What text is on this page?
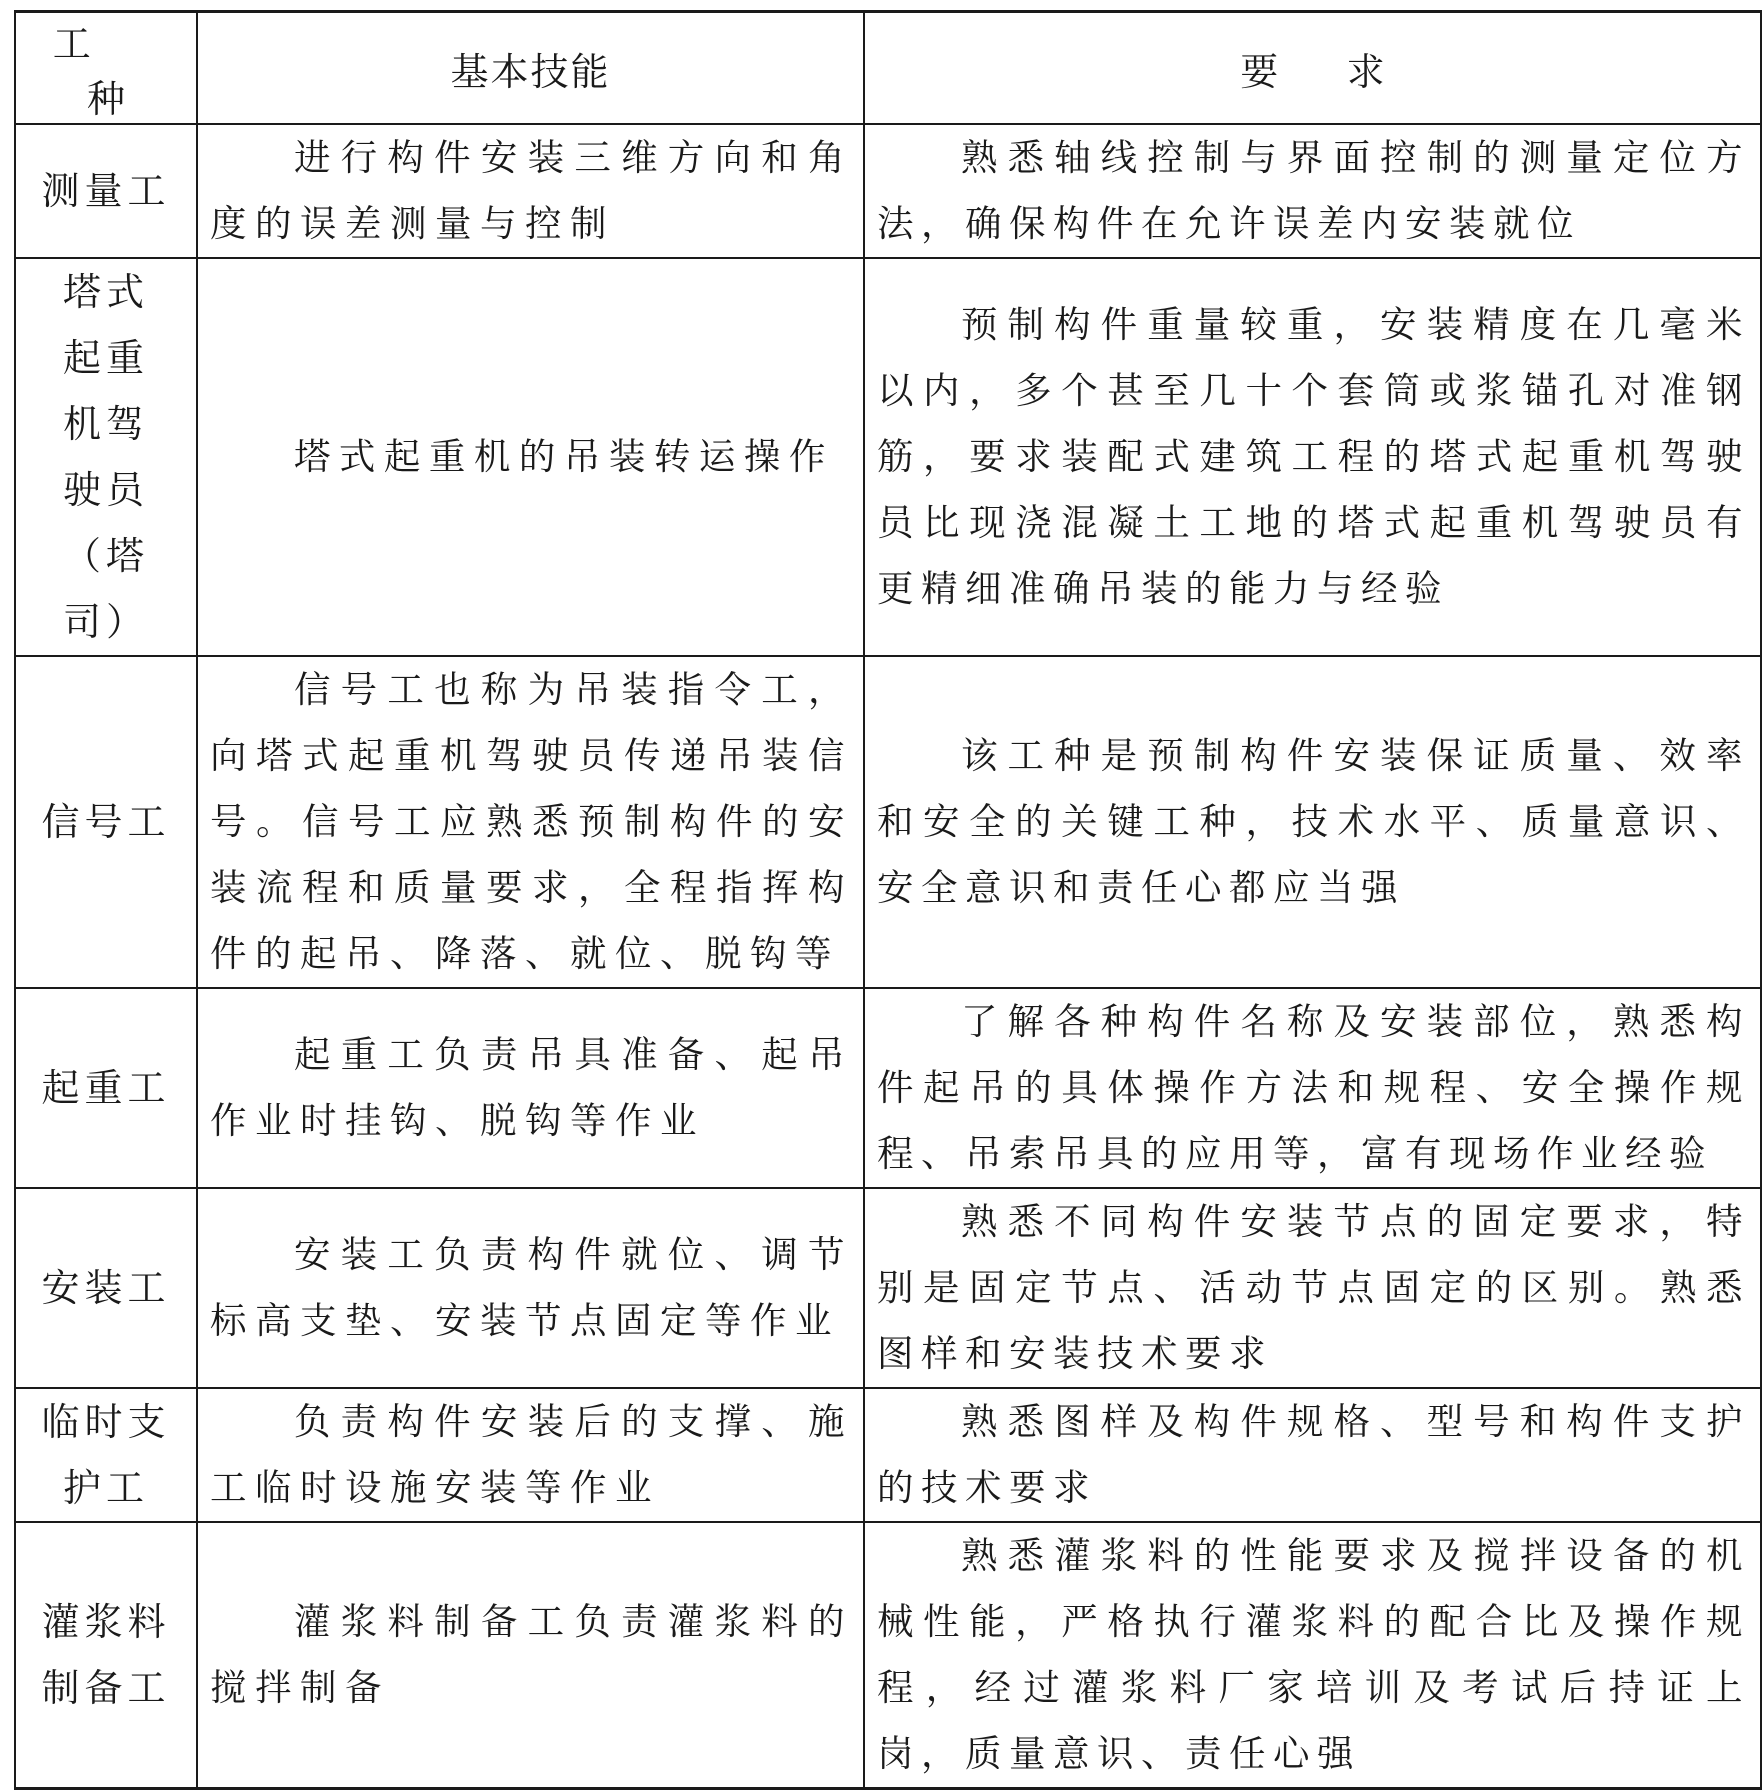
工种	基本技能	要求
测量工	进行构件安装三维方向和角度的误差测量与控制	熟悉轴线控制与界面控制的测量定位方法，确保构件在允许误差内安装就位

塔式起重机驾驶员（塔司）	塔式起重机的吊装转运操作	预制构件重量较重，安装精度在几毫米以内，多个甚至几十个套筒或浆锚孔对准钢筋，要求装配式建筑工程的塔式起重机驾驶员比现浇混凝土工地的塔式起重机驾驶员有更精细准确吊装的能力与经验

信号工	信号工也称为吊装指令工，向塔式起重机驾驶员传递吊装信号。信号工应熟悉预制构件的安装流程和质量要求，全程指挥构件的起吊、降落、就位、脱钩等	该工种是预制构件安装保证质量、效率和安全的关键工种，技术水平、质量意识、安全意识和责任心都应当强

起重工	起重工负责吊具准备、起吊作业时挂钩、脱钩等作业	了解各种构件名称及安装部位，熟悉构件起吊的具体操作方法和规程、安全操作规程、吊索吊具的应用等，富有现场作业经验

安装工	安装工负责构件就位、调节标高支垫、安装节点固定等作业	熟悉不同构件安装节点的固定要求，特别是固定节点、活动节点固定的区别。熟悉图样和安装技术要求

临时支护工	负责构件安装后的支撑、施工临时设施安装等作业	熟悉图样及构件规格、型号和构件支护的技术要求

灌浆料制备工	灌浆料制备工负责灌浆料的搅拌制备	熟悉灌浆料的性能要求及搅拌设备的机械性能，严格执行灌浆料的配合比及操作规程，经过灌浆料厂家培训及考试后持证上岗，质量意识、责任心强
